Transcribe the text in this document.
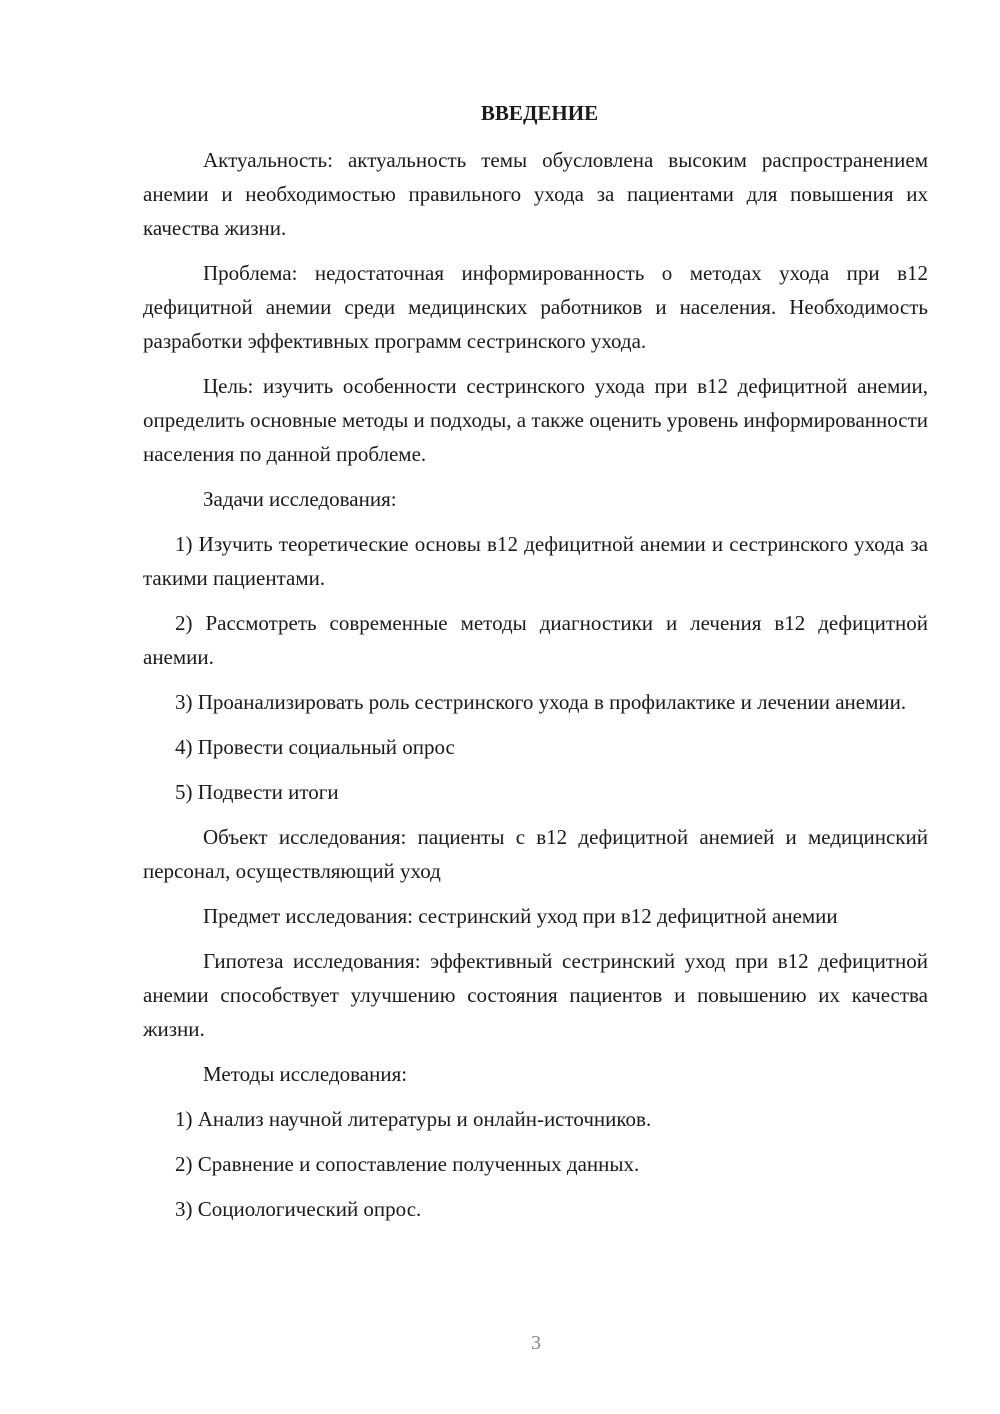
ВВЕДЕНИЕ

Актуальность: актуальность темы обусловлена высоким распространением анемии и необходимостью правильного ухода за пациентами для повышения их качества жизни.

Проблема: недостаточная информированность о методах ухода при в12 дефицитной анемии среди медицинских работников и населения. Необходимость разработки эффективных программ сестринского ухода.

Цель: изучить особенности сестринского ухода при в12 дефицитной анемии, определить основные методы и подходы, а также оценить уровень информированности населения по данной проблеме.

Задачи исследования:

1) Изучить теоретические основы в12 дефицитной анемии и сестринского ухода за такими пациентами.

2) Рассмотреть современные методы диагностики и лечения в12 дефицитной анемии.

3) Проанализировать роль сестринского ухода в профилактике и лечении анемии.

4) Провести социальный опрос

5) Подвести итоги

Объект исследования: пациенты с в12 дефицитной анемией и медицинский персонал, осуществляющий уход

Предмет исследования: сестринский уход при в12 дефицитной анемии

Гипотеза исследования: эффективный сестринский уход при в12 дефицитной анемии способствует улучшению состояния пациентов и повышению их качества жизни.

Методы исследования:

1) Анализ научной литературы и онлайн-источников.

2) Сравнение и сопоставление полученных данных.

3) Социологический опрос.

3
